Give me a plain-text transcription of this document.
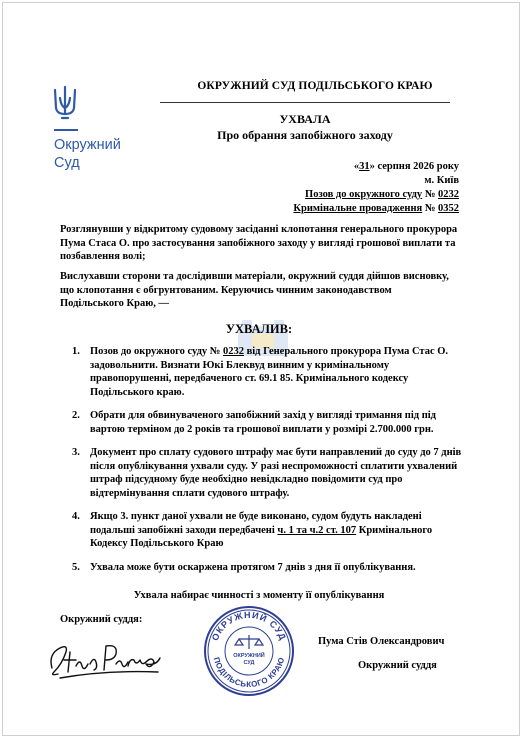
Окружний
Суд
ОКРУЖНИЙ СУД ПОДІЛЬСЬКОГО КРАЮ
УХВАЛА
Про обрання запобіжного заходу
«31» серпня 2026 року
м. Київ
Позов до окружного суду № 0232
Кримінальне провадження № 0352
Розглянувши у відкритому судовому засіданні клопотання генерального прокурора Пума Стаса О. про застосування запобіжного заходу у вигляді грошової виплати та позбавлення волі;
Вислухавши сторони та дослідивши матеріали, окружний суддя дійшов висновку, що клопотання є обгрунтованим. Керуючись чинним законодавством Подільського Краю, —
УХВАЛИВ:
1. Позов до окружного суду № 0232 від Генерального прокурора Пума Стас О. задовольнити. Визнати Юкі Блеквуд винним у кримінальному правопорушенні, передбаченого ст. 69.1 85. Кримінального кодексу Подільського краю.
2. Обрати для обвинуваченого запобіжний захід у вигляді тримання під під вартою терміном до 2 років та грошової виплати у розмірі 2.700.000 грн.
3. Документ про сплату судового штрафу має бути направлений до суду до 7 днів після опублікування ухвали суду. У разі неспроможності сплатити ухвалений штраф підсудному буде необхідно невідкладно повідомити суд про відтермінування сплати судового штрафу.
4. Якщо 3. пункт даної ухвали не буде виконано, судом будуть накладені подальші запобіжні заходи передбачені ч. 1 та ч.2 ст. 107 Кримінального Кодексу Подільського Краю
5. Ухвала може бути оскаржена протягом 7 днів з дня її опублікування.
Ухвала набирає чинності з моменту її опублікування
Окружний суддя:
ОКРУЖНИЙ СУД
ПОДІЛЬСЬКОГО КРАЮ
ОКРУЖНИЙ
СУД
Пума Стів Олександрович
Окружний суддя
